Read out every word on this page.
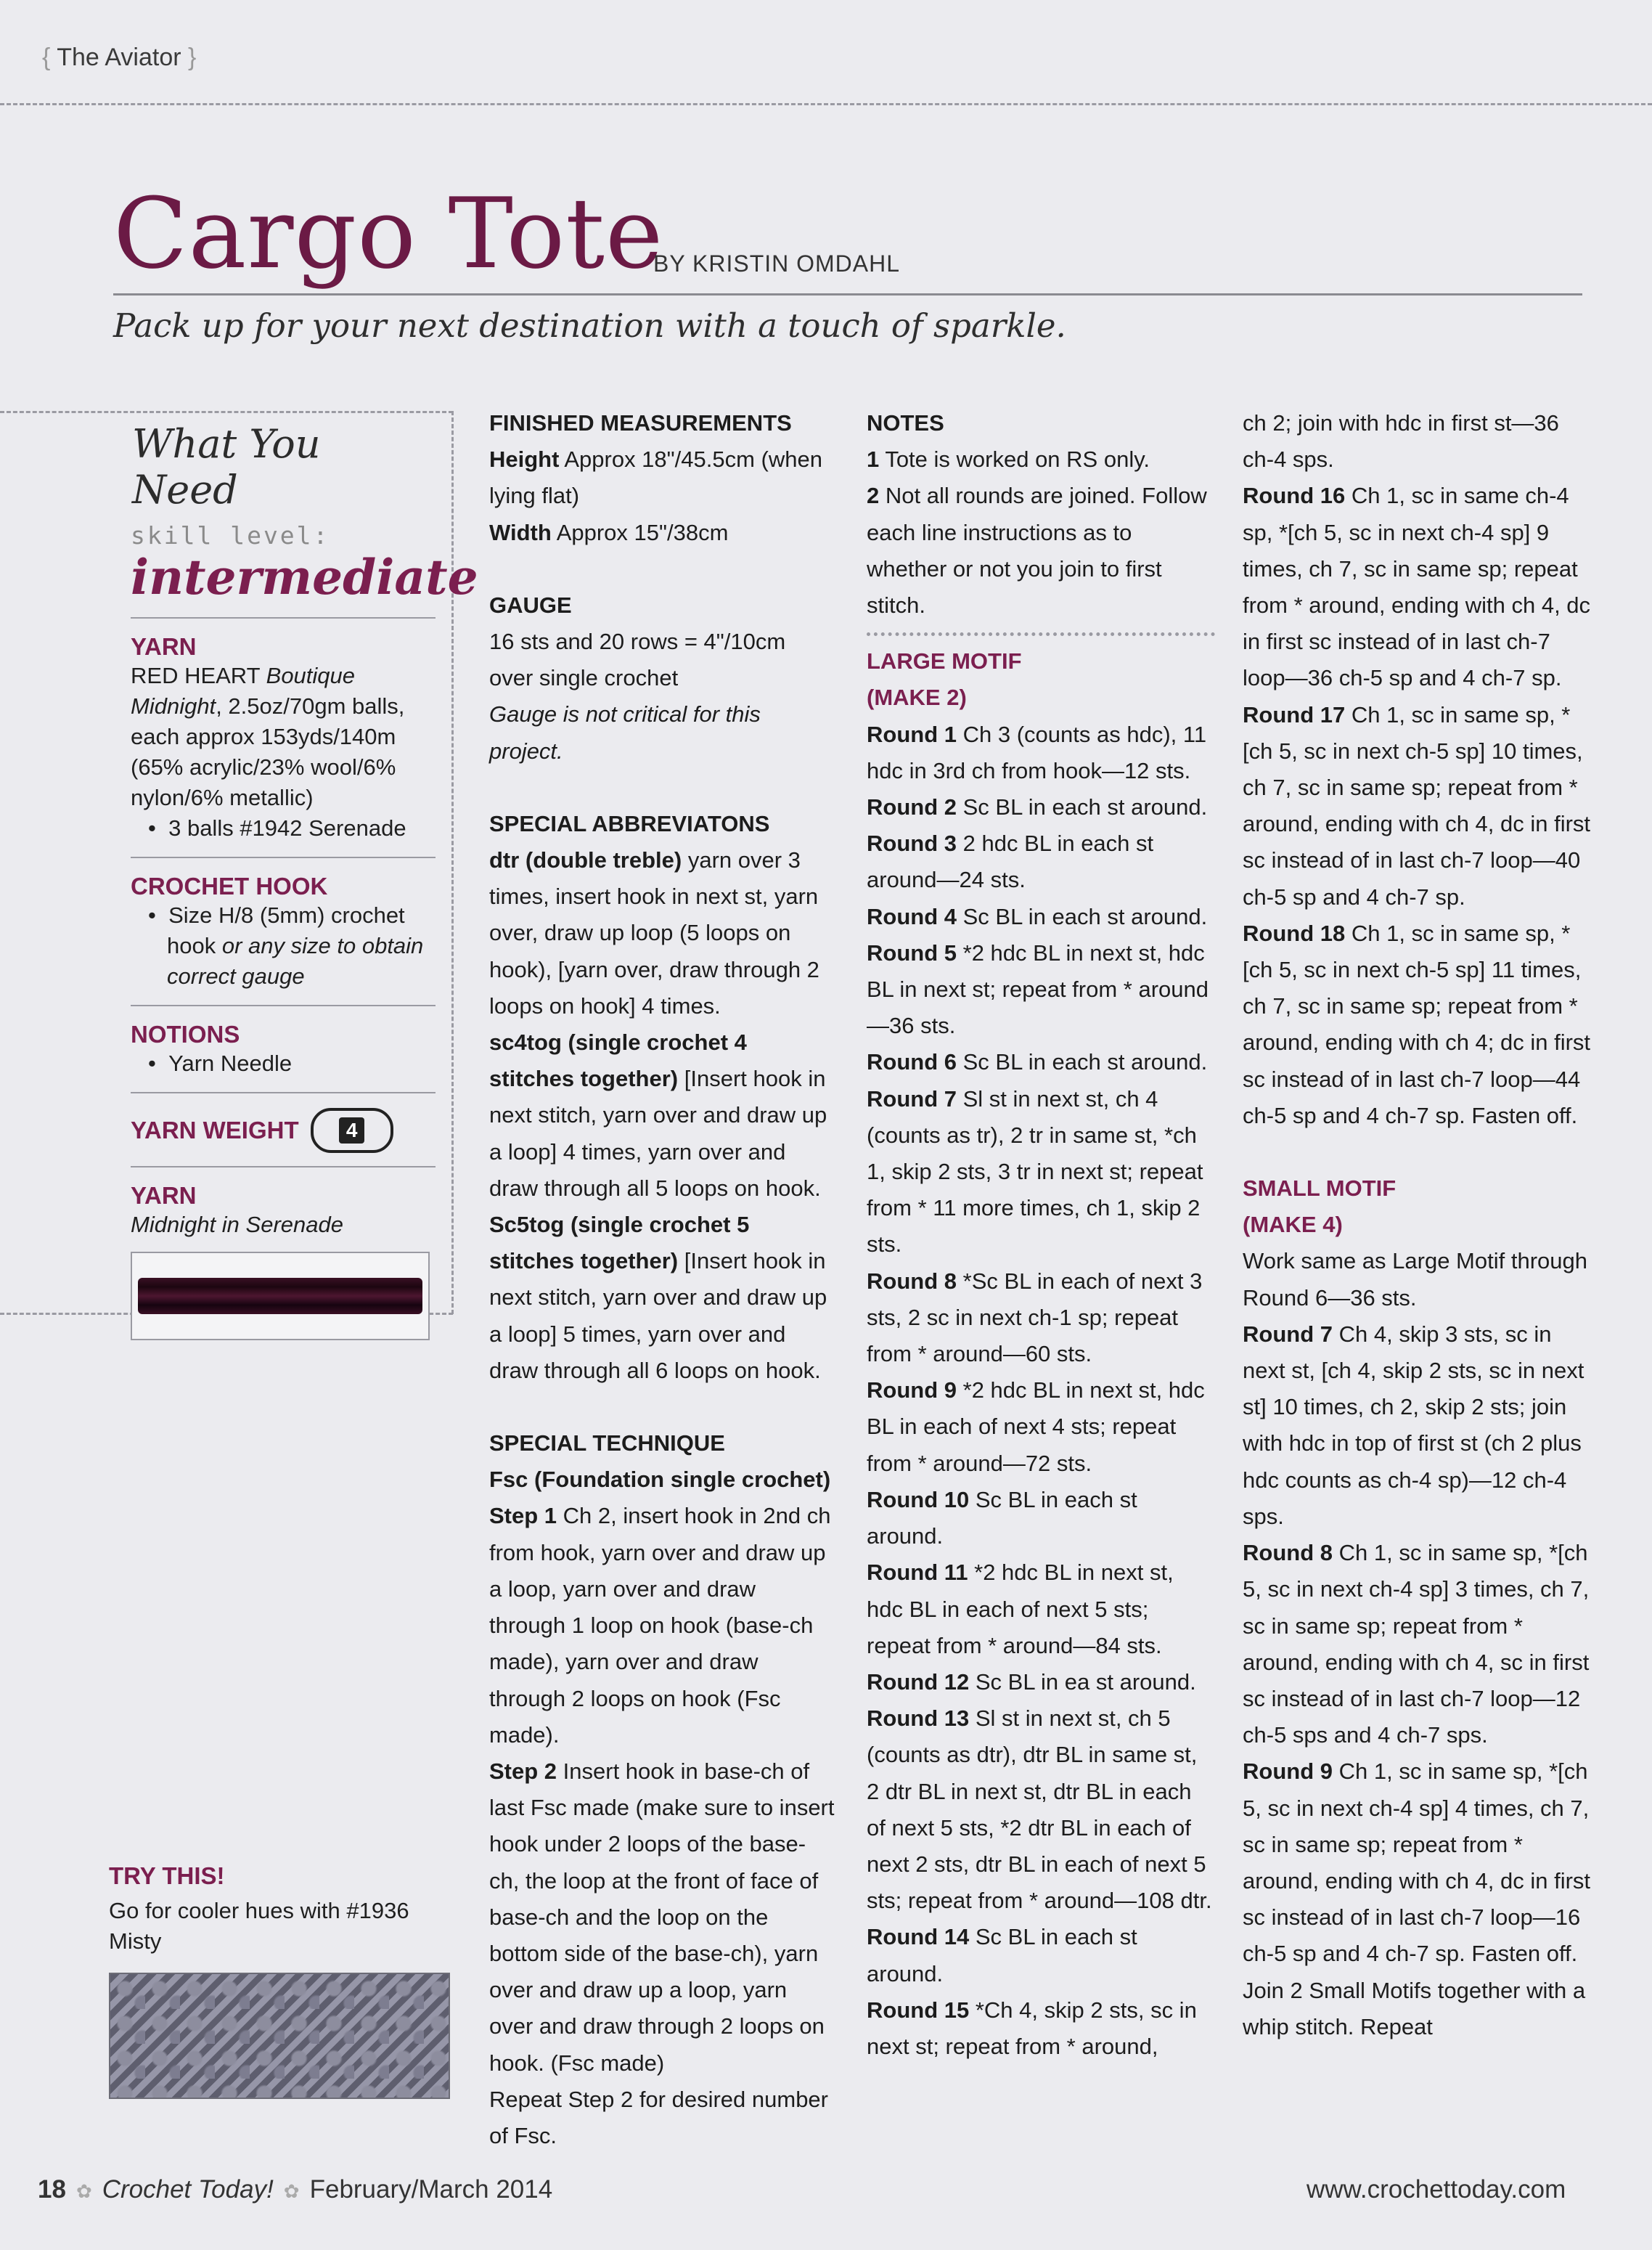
{ The Aviator }
Cargo Tote
BY KRISTIN OMDAHL
Pack up for your next destination with a touch of sparkle.
What You Need
skill level:
intermediate
YARN
RED HEART Boutique Midnight, 2.5oz/70gm balls, each approx 153yds/140m (65% acrylic/23% wool/6% nylon/6% metallic)
•  3 balls #1942 Serenade
CROCHET HOOK
•  Size H/8 (5mm) crochet hook or any size to obtain correct gauge
NOTIONS
•  Yarn Needle
YARN WEIGHT	4
YARN
Midnight in Serenade
TRY THIS!
Go for cooler hues with #1936 Misty

FINISHED MEASUREMENTS

Height Approx 18"/45.5cm (when lying flat)

Width Approx 15"/38cm

GAUGE

16 sts and 20 rows = 4"/10cm over single crochet

Gauge is not critical for this project.

SPECIAL ABBREVIATONS

dtr (double treble) yarn over 3 times, insert hook in next st, yarn over, draw up loop (5 loops on hook), [yarn over, draw through 2 loops on hook] 4 times.

sc4tog (single crochet 4 stitches together) [Insert hook in next stitch, yarn over and draw up a loop] 4 times, yarn over and draw through all 5 loops on hook.

Sc5tog (single crochet 5 stitches together) [Insert hook in next stitch, yarn over and draw up a loop] 5 times, yarn over and draw through all 6 loops on hook.

SPECIAL TECHNIQUE

Fsc (Foundation single crochet)

Step 1 Ch 2, insert hook in 2nd ch from hook, yarn over and draw up a loop, yarn over and draw through 1 loop on hook (base-ch made), yarn over and draw through 2 loops on hook (Fsc made).

Step 2 Insert hook in base-ch of last Fsc made (make sure to insert hook under 2 loops of the base-ch, the loop at the front of face of base-ch and the loop on the bottom side of the base-ch), yarn over and draw up a loop, yarn over and draw through 2 loops on hook. (Fsc made)

Repeat Step 2 for desired number of Fsc.

NOTES

1 Tote is worked on RS only.

2 Not all rounds are joined. Follow each line instructions as to whether or not you join to first stitch.

LARGE MOTIF

(MAKE 2)

Round 1 Ch 3 (counts as hdc), 11 hdc in 3rd ch from hook—12 sts.

Round 2 Sc BL in each st around.

Round 3 2 hdc BL in each st around—24 sts.

Round 4 Sc BL in each st around.

Round 5 *2 hdc BL in next st, hdc BL in next st; repeat from * around—36 sts.

Round 6 Sc BL in each st around.

Round 7 Sl st in next st, ch 4 (counts as tr), 2 tr in same st, *ch 1, skip 2 sts, 3 tr in next st; repeat from * 11 more times, ch 1, skip 2 sts.

Round 8 *Sc BL in each of next 3 sts, 2 sc in next ch-1 sp; repeat from * around—60 sts.

Round 9 *2 hdc BL in next st, hdc BL in each of next 4 sts; repeat from * around—72 sts.

Round 10 Sc BL in each st around.

Round 11 *2 hdc BL in next st, hdc BL in each of next 5 sts; repeat from * around—84 sts.

Round 12 Sc BL in ea st around.

Round 13 Sl st in next st, ch 5 (counts as dtr), dtr BL in same st, 2 dtr BL in next st, dtr BL in each of next 5 sts, *2 dtr BL in each of next 2 sts, dtr BL in each of next 5 sts; repeat from * around—108 dtr.

Round 14 Sc BL in each st around.

Round 15 *Ch 4, skip 2 sts, sc in next st; repeat from * around,

ch 2; join with hdc in first st—36 ch-4 sps.

Round 16 Ch 1, sc in same ch-4 sp, *[ch 5, sc in next ch-4 sp] 9 times, ch 7, sc in same sp; repeat from * around, ending with ch 4, dc in first sc instead of in last ch-7 loop—36 ch-5 sp and 4 ch-7 sp.

Round 17 Ch 1, sc in same sp, *[ch 5, sc in next ch-5 sp] 10 times, ch 7, sc in same sp; repeat from * around, ending with ch 4, dc in first sc instead of in last ch-7 loop—40 ch-5 sp and 4 ch-7 sp.

Round 18 Ch 1, sc in same sp, *[ch 5, sc in next ch-5 sp] 11 times, ch 7, sc in same sp; repeat from * around, ending with ch 4; dc in first sc instead of in last ch-7 loop—44 ch-5 sp and 4 ch-7 sp. Fasten off.

SMALL MOTIF

(MAKE 4)

Work same as Large Motif through Round 6—36 sts.

Round 7 Ch 4, skip 3 sts, sc in next st, [ch 4, skip 2 sts, sc in next st] 10 times, ch 2, skip 2 sts; join with hdc in top of first st (ch 2 plus hdc counts as ch-4 sp)—12 ch-4 sps.

Round 8 Ch 1, sc in same sp, *[ch 5, sc in next ch-4 sp] 3 times, ch 7, sc in same sp; repeat from * around, ending with ch 4, sc in first sc instead of in last ch-7 loop—12 ch-5 sps and 4 ch-7 sps.

Round 9 Ch 1, sc in same sp, *[ch 5, sc in next ch-4 sp] 4 times, ch 7, sc in same sp; repeat from * around, ending with ch 4, dc in first sc instead of in last ch-7 loop—16 ch-5 sp and 4 ch-7 sp. Fasten off. Join 2 Small Motifs together with a whip stitch. Repeat

18 ✿ Crochet Today! ✿ February/March 2014	www.crochettoday.com
